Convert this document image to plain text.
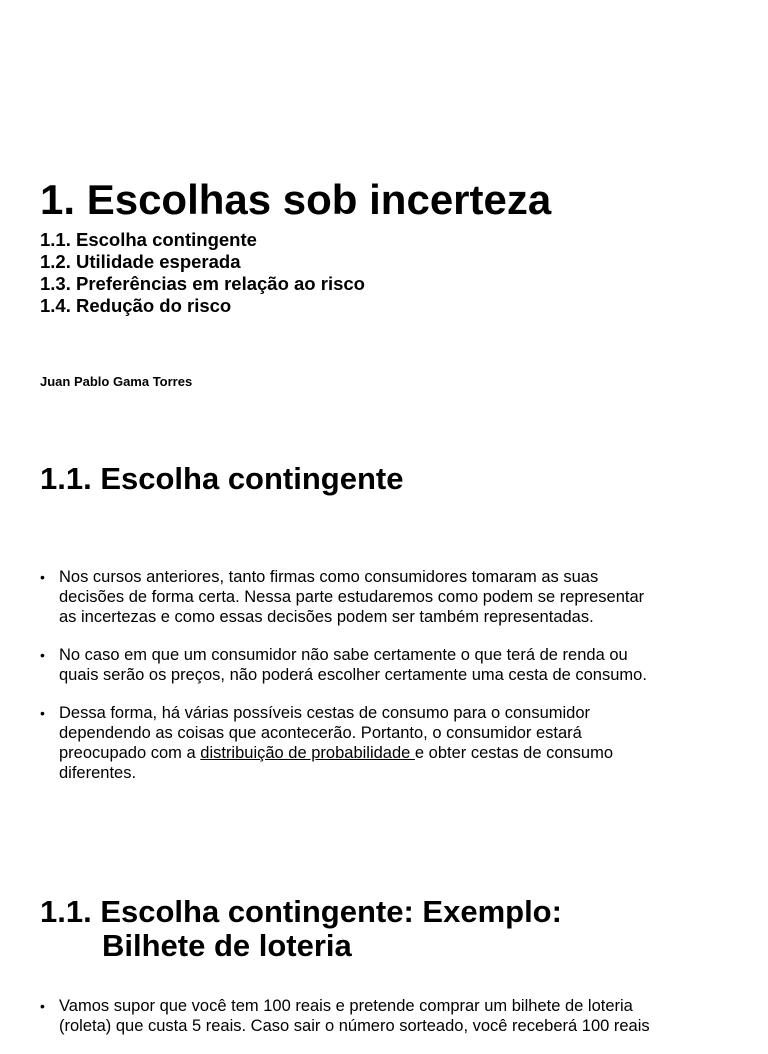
1. Escolhas sob incerteza
1.1. Escolha contingente
1.2. Utilidade esperada
1.3. Preferências em relação ao risco
1.4. Redução do risco
Juan Pablo Gama Torres
1.1. Escolha contingente
• Nos cursos anteriores, tanto firmas como consumidores tomaram as suas
decisões de forma certa. Nessa parte estudaremos como podem se representar
as incertezas e como essas decisões podem ser também representadas.
• No caso em que um consumidor não sabe certamente o que terá de renda ou
quais serão os preços, não poderá escolher certamente uma cesta de consumo.
• Dessa forma, há várias possíveis cestas de consumo para o consumidor
dependendo as coisas que acontecerão. Portanto, o consumidor estará
preocupado com a distribuição de probabilidade e obter cestas de consumo
diferentes.
1.1. Escolha contingente: Exemplo:
Bilhete de loteria
• Vamos supor que você tem 100 reais e pretende comprar um bilhete de loteria
(roleta) que custa 5 reais. Caso sair o número sorteado, você receberá 100 reais
